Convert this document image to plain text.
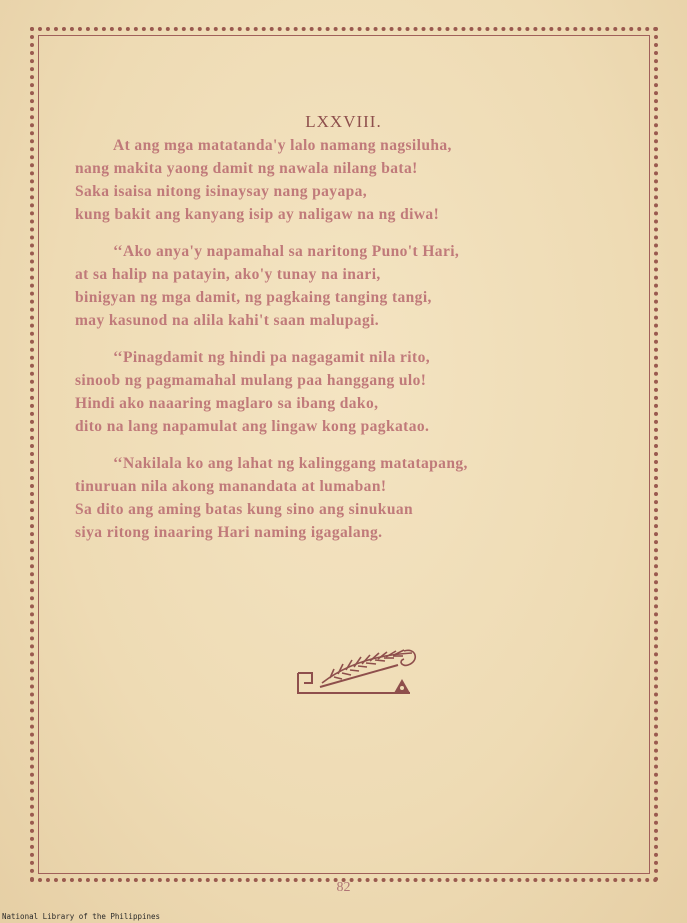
LXXVIII.
At ang mga matatanda'y lalo namang nagsiluha,
nang makita yaong damit ng nawala nilang bata!
Saka isaisa nitong isinaysay nang payapa,
kung bakit ang kanyang isip ay naligaw na ng diwa!
‘‘Ako anya'y napamahal sa naritong Puno't Hari,
at sa halip na patayin, ako'y tunay na inari,
binigyan ng mga damit, ng pagkaing tanging tangi,
may kasunod na alila kahi't saan malupagi.
‘‘Pinagdamit ng hindi pa nagagamit nila rito,
sinoob ng pagmamahal mulang paa hanggang ulo!
Hindi ako naaaring maglaro sa ibang dako,
dito na lang napamulat ang lingaw kong pagkatao.
‘‘Nakilala ko ang lahat ng kalinggang matatapang,
tinuruan nila akong manandata at lumaban!
Sa dito ang aming batas kung sino ang sinukuan
siya ritong inaaring Hari naming igagalang.
82
National Library of the Philippines
